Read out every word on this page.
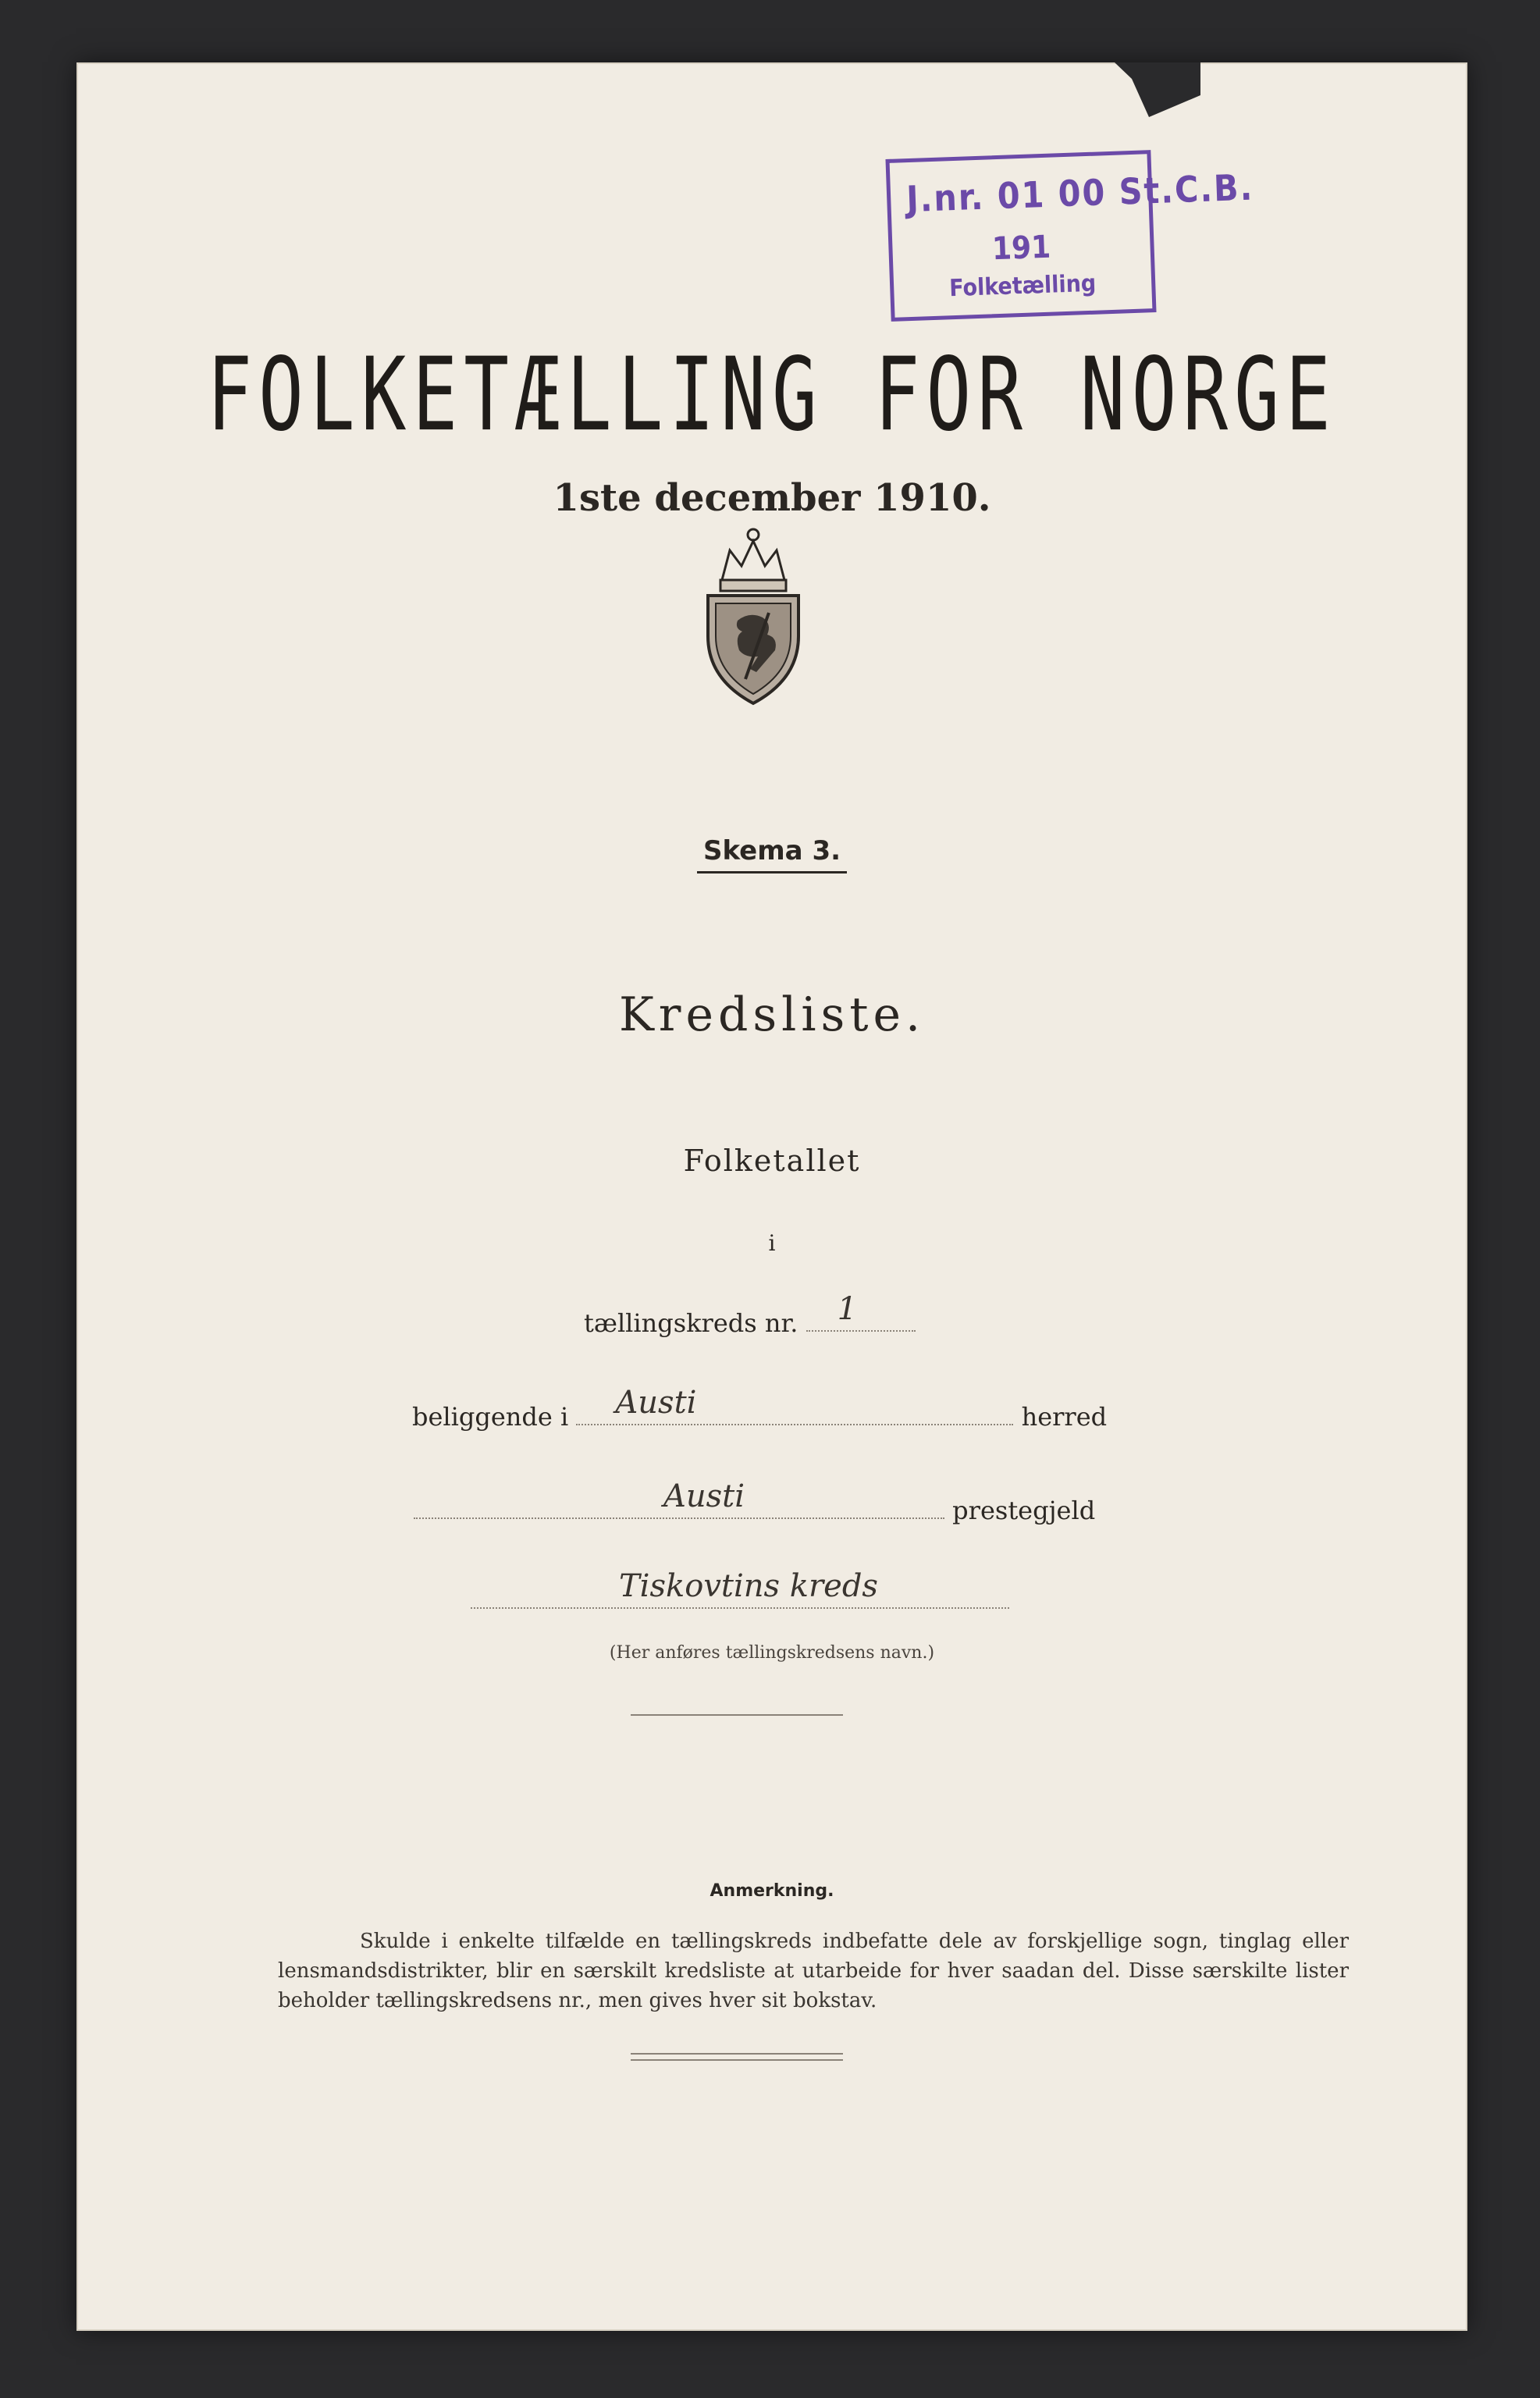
J.nr. 01 00 St.C.B.
191
Folketælling
FOLKETÆLLING FOR NORGE
1ste december 1910.
Skema 3.
Kredsliste.
Folketallet
i
tællingskreds nr. 1
beliggende i Austi	herred
Austi	prestegjeld
Tiskovtins kreds
(Her anføres tællingskredsens navn.)
Anmerkning.
Skulde i enkelte tilfælde en tællingskreds indbefatte dele av forskjellige sogn, tinglag eller lensmandsdistrikter, blir en særskilt kredsliste at utarbeide for hver saadan del. Disse særskilte lister beholder tællingskredsens nr., men gives hver sit bokstav.
